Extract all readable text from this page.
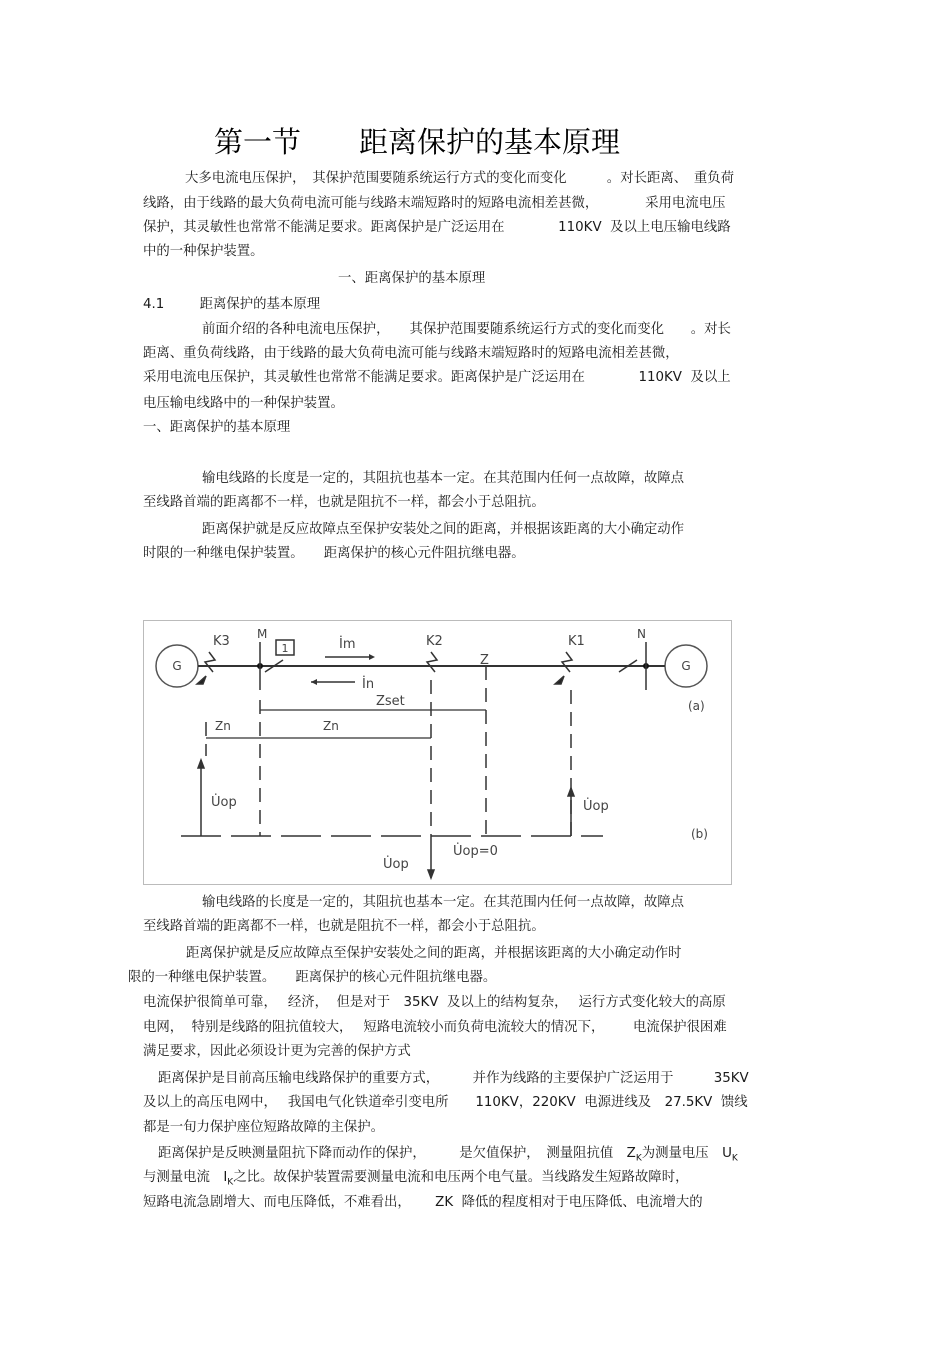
第一节　　距离保护的基本原理
大多电流电压保护，　其保护范围要随系统运行方式的变化而变化　　　。对长距离、　重负荷
线路，由于线路的最大负荷电流可能与线路末端短路时的短路电流相差甚微，　　　　采用电流电压
保护，其灵敏性也常常不能满足要求。距离保护是广泛运用在　　　　110KV  及以上电压输电线路
中的一种保护装置。
一、距离保护的基本原理
4.1　　  距离保护的基本原理
前面介绍的各种电流电压保护，　　其保护范围要随系统运行方式的变化而变化　　。对长
距离、重负荷线路，由于线路的最大负荷电流可能与线路末端短路时的短路电流相差甚微，
采用电流电压保护，其灵敏性也常常不能满足要求。距离保护是广泛运用在　　　　110KV  及以上
电压输电线路中的一种保护装置。
一、距离保护的基本原理
输电线路的长度是一定的，其阻抗也基本一定。在其范围内任何一点故障，故障点
至线路首端的距离都不一样，也就是阻抗不一样，都会小于总阻抗。
距离保护就是反应故障点至保护安装处之间的距离，并根据该距离的大小确定动作
时限的一种继电保护装置。　　距离保护的核心元件阻抗继电器。
G	G
1
K3 M
İm	K2
Z
K1	N
İn
Zset	(a)
Zn	Zn
U̇op	U̇op
U̇op
U̇op=0
(b)
输电线路的长度是一定的，其阻抗也基本一定。在其范围内任何一点故障，故障点
至线路首端的距离都不一样，也就是阻抗不一样，都会小于总阻抗。
距离保护就是反应故障点至保护安装处之间的距离，并根据该距离的大小确定动作时
限的一种继电保护装置。　　距离保护的核心元件阻抗继电器。
电流保护很简单可靠，　 经济，  但是对于　35KV  及以上的结构复杂，　 运行方式变化较大的高原
电网，  特别是线路的阻抗值较大，　 短路电流较小而负荷电流较大的情况下，　　  电流保护很困难
满足要求，因此必须设计更为完善的保护方式
距离保护是目前高压输电线路保护的重要方式，　　　并作为线路的主要保护广泛运用于　　　35KV
及以上的高压电网中，　 我国电气化铁道牵引变电所　　110KV，220KV  电源进线及　27.5KV  馈线
都是一旬力保护座位短路故障的主保护。
距离保护是反映测量阻抗下降而动作的保护，　　　是欠值保护，　测量阻抗值　$Z_K$为测量电压　$U_K$
与测量电流　$I_K$之比。故保护装置需要测量电流和电压两个电气量。当线路发生短路故障时，
短路电流急剧增大、而电压降低，不难看出，　　 ZK  降低的程度相对于电压降低、电流增大的
